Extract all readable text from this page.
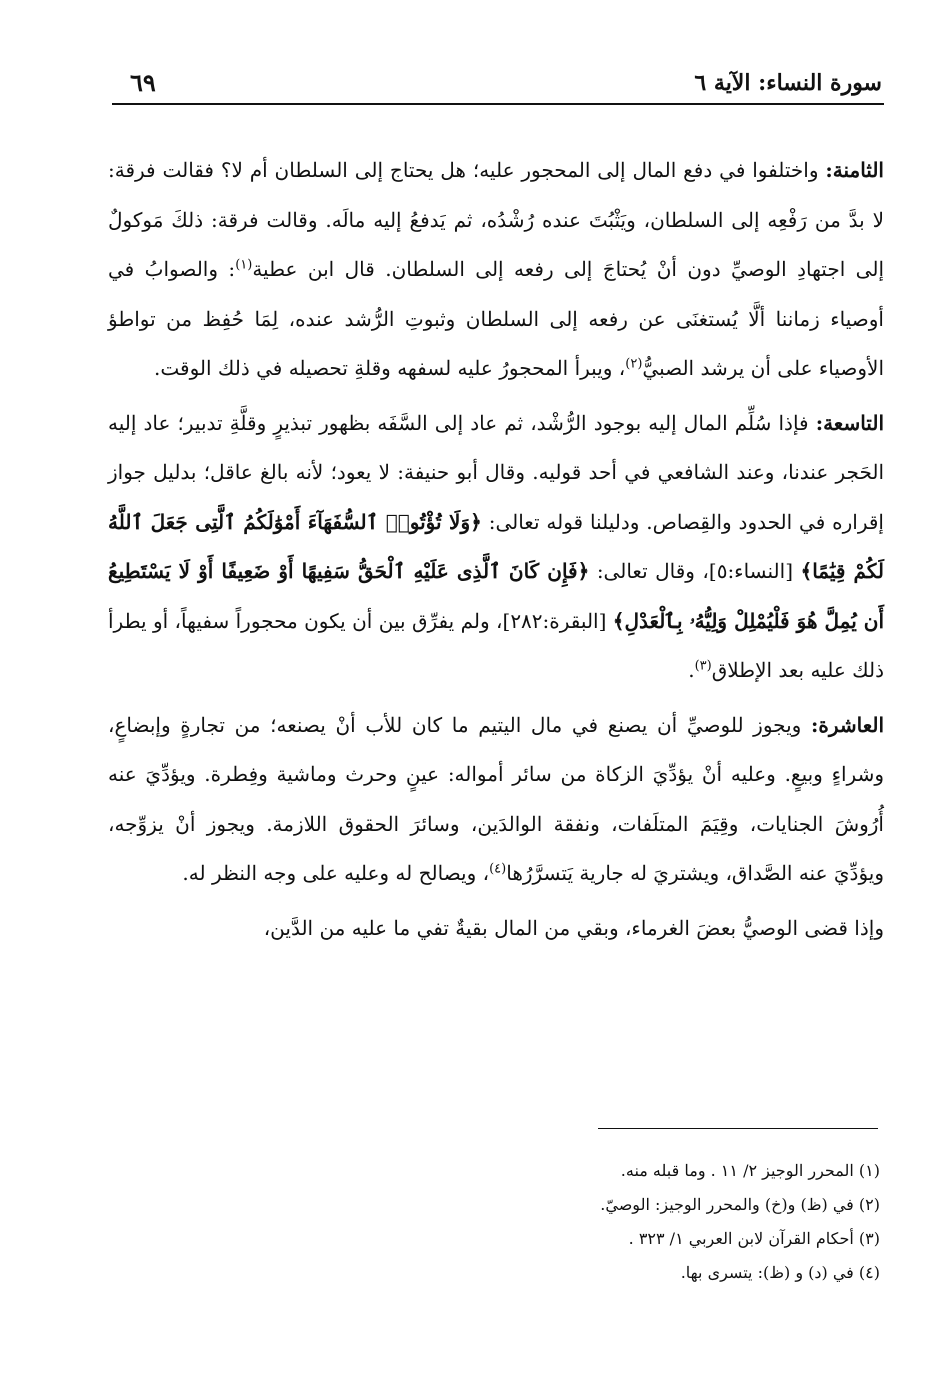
سورة النساء: الآية ٦
٦٩

الثامنة: واختلفوا في دفع المال إلى المحجور عليه؛ هل يحتاج إلى السلطان أم لا؟ فقالت فرقة: لا بدَّ من رَفْعِه إلى السلطان، ويَثْبُتَ عنده رُشْدُه، ثم يَدفعُ إليه مالَه. وقالت فرقة: ذلكَ مَوكولٌ إلى اجتهادِ الوصيِّ دون أنْ يُحتاجَ إلى رفعه إلى السلطان. قال ابن عطية$^{(١)}$: والصوابُ في أوصياء زماننا ألَّا يُستغنَى عن رفعه إلى السلطان وثبوتِ الرُّشد عنده، لِمَا حُفِظ من تواطؤ الأوصياء على أن يرشد الصبيُّ$^{(٢)}$، ويبرأ المحجورُ عليه لسفهه وقلةِ تحصيله في ذلك الوقت.

التاسعة: فإذا سُلِّم المال إليه بوجود الرُّشْد، ثم عاد إلى السَّفَه بظهور تبذيرٍ وقلَّةِ تدبير؛ عاد إليه الحَجر عندنا، وعند الشافعي في أحد قوليه. وقال أبو حنيفة: لا يعود؛ لأنه بالغ عاقل؛ بدليل جواز إقراره في الحدود والقِصاص. ودليلنا قوله تعالى: ﴿وَلَا تُؤْتُوا۟ ٱلسُّفَهَآءَ أَمْوَٰلَكُمُ ٱلَّتِى جَعَلَ ٱللَّهُ لَكُمْ قِيَٰمًا﴾ [النساء:٥]، وقال تعالى: ﴿فَإِن كَانَ ٱلَّذِى عَلَيْهِ ٱلْحَقُّ سَفِيهًا أَوْ ضَعِيفًا أَوْ لَا يَسْتَطِيعُ أَن يُمِلَّ هُوَ فَلْيُمْلِلْ وَلِيُّهُۥ بِٱلْعَدْلِ﴾ [البقرة:٢٨٢]، ولم يفرِّق بين أن يكون محجوراً سفيهاً، أو يطرأ ذلك عليه بعد الإطلاق$^{(٣)}$.

العاشرة: ويجوز للوصيِّ أن يصنع في مال اليتيم ما كان للأب أنْ يصنعه؛ من تجارةٍ وإبضاعٍ، وشراءٍ وبيعٍ. وعليه أنْ يؤدِّيَ الزكاة من سائر أمواله: عينٍ وحرث وماشية وفِطرة. ويؤدِّيَ عنه أُرُوشَ الجنايات، وقِيَمَ المتلَفات، ونفقة الوالدَين، وسائرَ الحقوق اللازمة. ويجوز أنْ يزوِّجه، ويؤدِّيَ عنه الصَّداق، ويشتريَ له جارية يَتسرَّرُها$^{(٤)}$، ويصالح له وعليه على وجه النظر له.

وإذا قضى الوصيُّ بعضَ الغرماء، وبقي من المال بقيةٌ تفي ما عليه من الدَّين،

(١) المحرر الوجيز ٢/ ١١ . وما قبله منه.

(٢) في (ظ) و(خ) والمحرر الوجيز: الوصيّ.

(٣) أحكام القرآن لابن العربي ١/ ٣٢٣ .

(٤) في (د) و (ظ): يتسرى بها.
